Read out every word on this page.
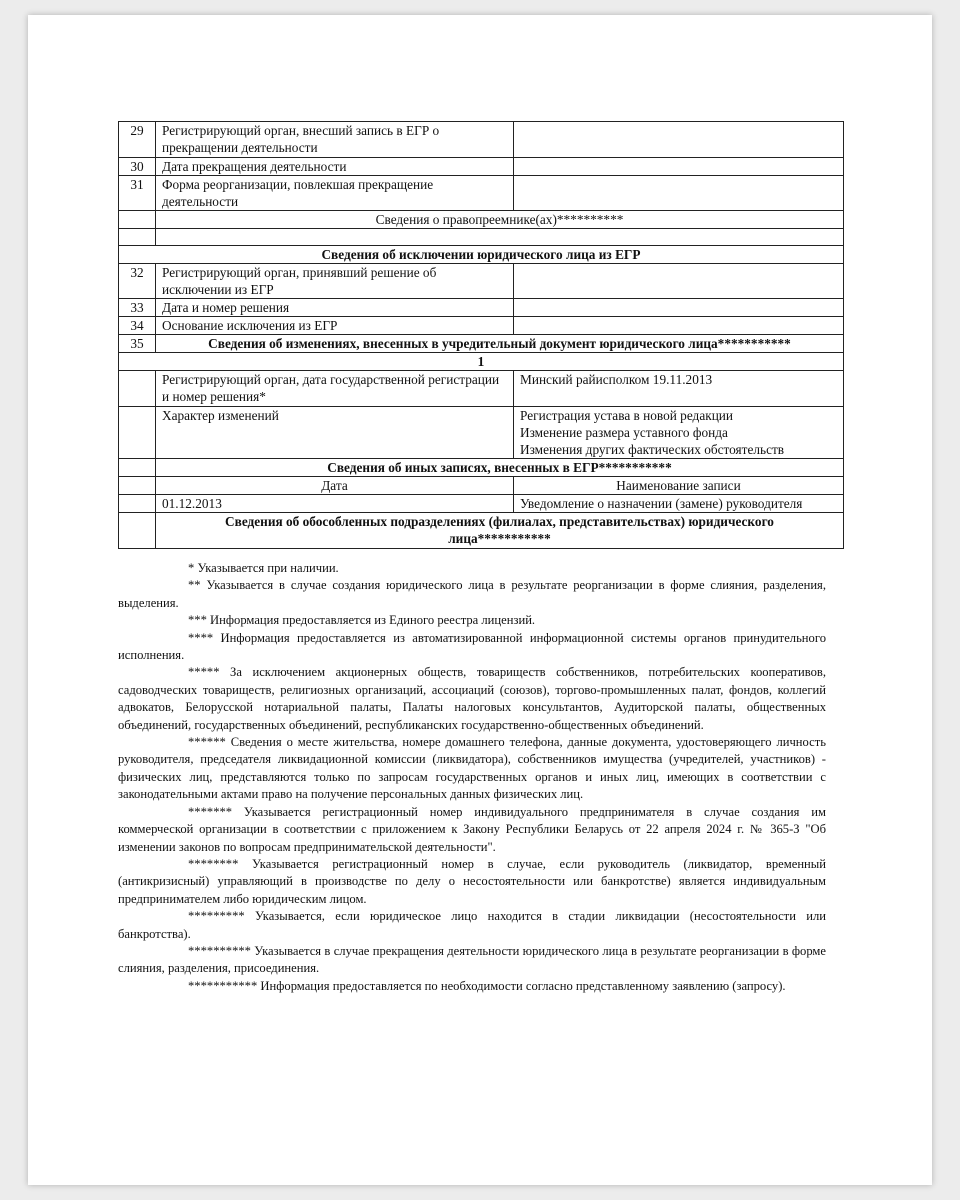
29	Регистрирующий орган, внесший запись в ЕГР о прекращении деятельности	
30	Дата прекращения деятельности	
31	Форма реорганизации, повлекшая прекращение деятельности	
	Сведения о правопреемнике(ах)**********	

Сведения об исключении юридического лица из ЕГР		
32	Регистрирующий орган, принявший решение об исключении из ЕГР	
33	Дата и номер решения	
34	Основание исключения из ЕГР	
35	Сведения об изменениях, внесенных в учредительный документ юридического лица***********	
1		
	Регистрирующий орган, дата государственной регистрации и номер решения*	Минский райисполком 19.11.2013
	Характер изменений	Регистрация устава в новой редакции
Изменение размера уставного фонда
Изменения других фактических обстоятельств

	Сведения об иных записях, внесенных в ЕГР***********	
	Дата	Наименование записи
	01.12.2013	Уведомление о назначении (замене) руководителя
	Сведения об обособленных подразделениях (филиалах, представительствах) юридического лица***********	

* Указывается при наличии.

** Указывается в случае создания юридического лица в результате реорганизации в форме слияния, разделения, выделения.

*** Информация предоставляется из Единого реестра лицензий.

**** Информация предоставляется из автоматизированной информационной системы органов принудительного исполнения.

***** За исключением акционерных обществ, товариществ собственников, потребительских кооперативов, садоводческих товариществ, религиозных организаций, ассоциаций (союзов), торгово-промышленных палат, фондов, коллегий адвокатов, Белорусской нотариальной палаты, Палаты налоговых консультантов, Аудиторской палаты, общественных объединений, государственных объединений, республиканских государственно-общественных объединений.

****** Сведения о месте жительства, номере домашнего телефона, данные документа, удостоверяющего личность руководителя, председателя ликвидационной комиссии (ликвидатора), собственников имущества (учредителей, участников) - физических лиц, представляются только по запросам государственных органов и иных лиц, имеющих в соответствии с законодательными актами право на получение персональных данных физических лиц.

******* Указывается регистрационный номер индивидуального предпринимателя в случае создания им коммерческой организации в соответствии с приложением к Закону Республики Беларусь от 22 апреля 2024 г. № 365-З "Об изменении законов по вопросам предпринимательской деятельности".

******** Указывается регистрационный номер в случае, если руководитель (ликвидатор, временный (антикризисный) управляющий в производстве по делу о несостоятельности или банкротстве) является индивидуальным предпринимателем либо юридическим лицом.

********* Указывается, если юридическое лицо находится в стадии ликвидации (несостоятельности или банкротства).

********** Указывается в случае прекращения деятельности юридического лица в результате реорганизации в форме слияния, разделения, присоединения.

*********** Информация предоставляется по необходимости согласно представленному заявлению (запросу).
